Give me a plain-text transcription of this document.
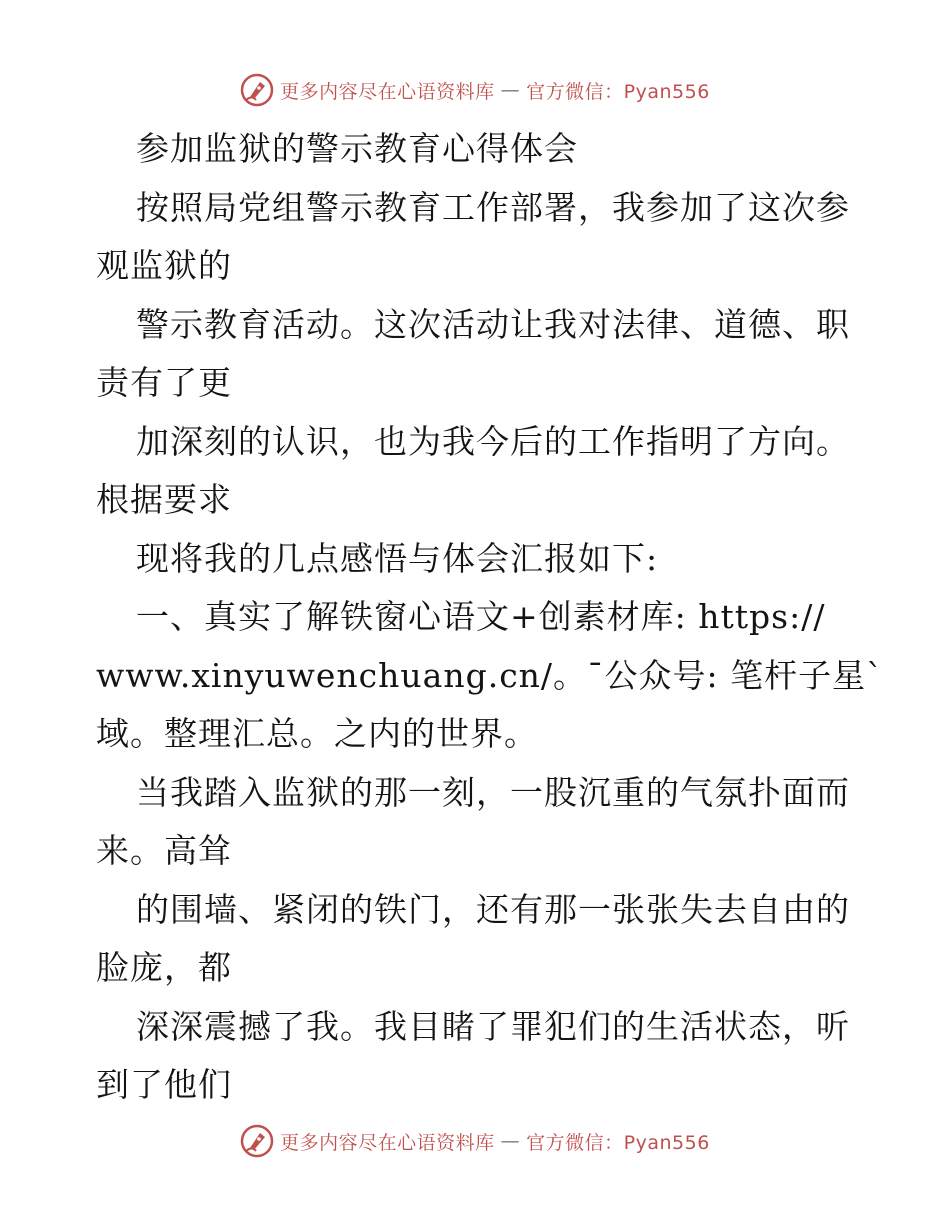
更多内容尽在心语资料库 — 官方微信：Pyan556
参加监狱的警示教育心得体会
按照局党组警示教育工作部署，我参加了这次参
观监狱的
警示教育活动。这次活动让我对法律、道德、职
责有了更
加深刻的认识，也为我今后的工作指明了方向。
根据要求
现将我的几点感悟与体会汇报如下:
一、真实了解铁窗心语文+创素材库: https://
www.xinyuwenchuang.cn/。¯公众号: 笔杆子星`
域。整理汇总。之内的世界。
当我踏入监狱的那一刻，一股沉重的气氛扑面而
来。高耸
的围墙、紧闭的铁门，还有那一张张失去自由的
脸庞，都
深深震撼了我。我目睹了罪犯们的生活状态，听
到了他们
更多内容尽在心语资料库 — 官方微信：Pyan556
